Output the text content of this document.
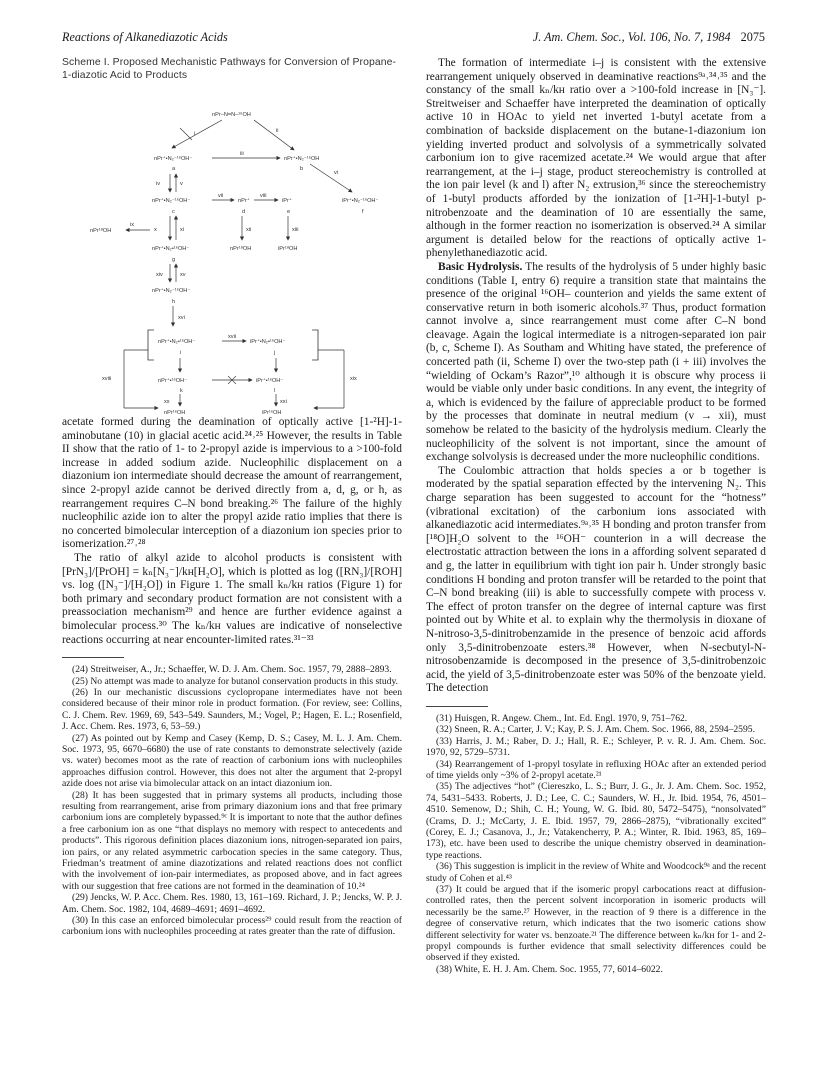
Reactions of Alkanediazotic Acids	J. Am. Chem. Soc., Vol. 106, No. 7, 1984 2075
Scheme I. Proposed Mechanistic Pathways for Conversion of Propane-1-diazotic Acid to Products
nPr–N=N–¹⁶OH
i	ii
nPr⁺•N₂⁻¹⁶OH⁻
iii
nPr⁺•N₂⁻¹⁶OH
a	b
iv	v
vi
nPr⁺•N₂⁻¹⁶OH⁻
vii
nPr⁺
viii
iPr⁺	iPr⁺•N₂⁻¹⁶OH⁻
c	d	e	f
nPr¹⁸OH
ix
x	xi	xii	xiii
nPr⁺•N₂•¹⁶OH⁻	nPr¹⁸OH	iPr¹⁸OH
g
xiv	xv
nPr⁺•N₂⁻¹⁶OH⁻
h
xvi
nPr⁺•N₂•¹⁶OH⁻
xvii
iPr⁺•N₂•¹⁶OH⁻
i	j
xviii	xix
nPr⁺•¹⁶OH⁻	iPr⁺•¹⁶OH⁻
k	l
xx	xxi
nPr¹⁶OH	iPr¹⁶OH

acetate formed during the deamination of optically active [1-²H]-1-aminobutane (10) in glacial acetic acid.²⁴˒²⁵ However, the results in Table II show that the ratio of 1- to 2-propyl azide is impervious to a >100-fold increase in added sodium azide. Nucleophilic displacement on a diazonium ion intermediate should decrease the amount of rearrangement, since 2-propyl azide cannot be derived directly from a, d, g, or h, as rearrangement requires C–N bond breaking.²⁶ The failure of the highly nucleophilic azide ion to alter the propyl azide ratio implies that there is no concerted bimolecular interception of a diazonium ion species prior to isomerization.²⁷˒²⁸

The ratio of alkyl azide to alcohol products is consistent with [PrN₃]/[PrOH] = kₙ[N₃⁻]/kʜ[H₂O], which is plotted as log ([RN₃]/[ROH] vs. log ([N₃⁻]/[H₂O]) in Figure 1. The small kₙ/kʜ ratios (Figure 1) for both primary and secondary product formation are not consistent with a preassociation mechanism²⁹ and hence are further evidence against a bimolecular process.³⁰ The kₙ/kʜ values are indicative of nonselective reactions occurring at near encounter-limited rates.³¹⁻³³

(24) Streitweiser, A., Jr.; Schaeffer, W. D. J. Am. Chem. Soc. 1957, 79, 2888–2893.
(25) No attempt was made to analyze for butanol conservation products in this study.
(26) In our mechanistic discussions cyclopropane intermediates have not been considered because of their minor role in product formation. (For review, see: Collins, C. J. Chem. Rev. 1969, 69, 543–549. Saunders, M.; Vogel, P.; Hagen, E. L.; Rosenfield, J. Acc. Chem. Res. 1973, 6, 53–59.)
(27) As pointed out by Kemp and Casey (Kemp, D. S.; Casey, M. L. J. Am. Chem. Soc. 1973, 95, 6670–6680) the use of rate constants to demonstrate selectively (azide vs. water) becomes moot as the rate of reaction of carbonium ions with nucleophiles approaches diffusion control. However, this does not alter the argument that 2-propyl azide does not arise via bimolecular attack on an intact diazonium ion.
(28) It has been suggested that in primary systems all products, including those resulting from rearrangement, arise from primary diazonium ions and that free primary carbonium ions are completely bypassed.⁹ᶜ It is important to note that the author defines a free carbonium ion as one “that displays no memory with respect to antecedents and products”. This rigorous definition places diazonium ions, nitrogen-separated ion pairs, ion pairs, or any related asymmetric carbocation species in the same category. Thus, Friedman’s treatment of amine diazotizations and related reactions does not conflict with the involvement of ion-pair intermediates, as proposed above, and in fact agrees with our suggestion that free cations are not formed in the deamination of 10.²⁴
(29) Jencks, W. P. Acc. Chem. Res. 1980, 13, 161–169. Richard, J. P.; Jencks, W. P. J. Am. Chem. Soc. 1982, 104, 4689–4691; 4691–4692.
(30) In this case an enforced bimolecular process²⁹ could result from the reaction of carbonium ions with nucleophiles proceeding at rates greater than the rate of diffusion.

The formation of intermediate i–j is consistent with the extensive rearrangement uniquely observed in deaminative reactions⁹ᵃ˒³⁴˒³⁵ and the constancy of the small kₙ/kʜ ratio over a >100-fold increase in [N₃⁻]. Streitweiser and Schaeffer have interpreted the deamination of optically active 10 in HOAc to yield net inverted 1-butyl acetate from a combination of backside displacement on the butane-1-diazonium ion yielding inverted product and solvolysis of a symmetrically solvated carbonium ion to give racemized acetate.²⁴ We would argue that after rearrangement, at the i–j stage, product stereochemistry is controlled at the ion pair level (k and l) after N₂ extrusion,³⁶ since the stereochemistry of 1-butyl products afforded by the ionization of [1-²H]-1-butyl p-nitrobenzoate and the deamination of 10 are essentially the same, although in the former reaction no isomerization is observed.²⁴ A similar argument is detailed below for the reactions of optically active 1-phenylethanediazotic acid.

Basic Hydrolysis. The results of the hydrolysis of 5 under highly basic conditions (Table I, entry 6) require a transition state that maintains the presence of the original ¹⁶OH– counterion and yields the same extent of conservative return in both isomeric alcohols.³⁷ Thus, product formation cannot involve a, since rearrangement must come after C–N bond cleavage. Again the logical intermediate is a nitrogen-separated ion pair (b, c, Scheme I). As Southam and Whiting have stated, the preference of concerted path (ii, Scheme I) over the two-step path (i + iii) involves the “wielding of Ockam’s Razor”,¹⁰ although it is obscure why process ii would be viable only under basic conditions. In any event, the integrity of a, which is evidenced by the failure of appreciable product to be formed by the processes that dominate in neutral medium (v → xii), must somehow be related to the basicity of the hydrolysis medium. Clearly the nucleophilicity of the solvent is not important, since the amount of exchange solvolysis is decreased under the more nucleophilic conditions.

The Coulombic attraction that holds species a or b together is moderated by the spatial separation effected by the intervening N₂. This charge separation has been suggested to account for the “hotness” (vibrational excitation) of the carbonium ions associated with alkanediazotic acid intermediates.⁹ᵃ˒³⁵ H bonding and proton transfer from [¹⁸O]H₂O solvent to the ¹⁶OH⁻ counterion in a will decrease the electrostatic attraction between the ions in a affording solvent separated d and g, the latter in equilibrium with tight ion pair h. Under strongly basic conditions H bonding and proton transfer will be retarded to the point that C–N bond breaking (iii) is able to successfully compete with process v. The effect of proton transfer on the degree of internal capture was first pointed out by White et al. to explain why the thermolysis in dioxane of N-nitroso-3,5-dinitrobenzamide in the presence of benzoic acid affords only 3,5-dinitrobenzoate esters.³⁸ However, when N-secbutyl-N-nitrosobenzamide is decomposed in the presence of 3,5-dinitrobenzoic acid, the yield of 3,5-dinitrobenzoate ester was 50% of the benzoate yield. The detection

(31) Huisgen, R. Angew. Chem., Int. Ed. Engl. 1970, 9, 751–762.
(32) Sneen, R. A.; Carter, J. V.; Kay, P. S. J. Am. Chem. Soc. 1966, 88, 2594–2595.
(33) Harris, J. M.; Raber, D. J.; Hall, R. E.; Schleyer, P. v. R. J. Am. Chem. Soc. 1970, 92, 5729–5731.
(34) Rearrangement of 1-propyl tosylate in refluxing HOAc after an extended period of time yields only ~3% of 2-propyl acetate.²¹
(35) The adjectives “hot” (Ciereszko, L. S.; Burr, J. G., Jr. J. Am. Chem. Soc. 1952, 74, 5431–5433. Roberts, J. D.; Lee, C. C.; Saunders, W. H., Jr. Ibid. 1954, 76, 4501–4510. Semenow, D.; Shih, C. H.; Young, W. G. Ibid. 80, 5472–5475), “nonsolvated” (Crams, D. J.; McCarty, J. E. Ibid. 1957, 79, 2866–2875), “vibrationally excited” (Corey, E. J.; Casanova, J., Jr.; Vatakencherry, P. A.; Winter, R. Ibid. 1963, 85, 169–173), etc. have been used to describe the unique chemistry observed in deamination-type reactions.
(36) This suggestion is implicit in the review of White and Woodcock⁹ᵃ and the recent study of Cohen et al.⁴³
(37) It could be argued that if the isomeric propyl carbocations react at diffusion-controlled rates, then the percent solvent incorporation in isomeric products will necessarily be the same.²⁷ However, in the reaction of 9 there is a difference in the degree of conservative return, which indicates that the two isomeric cations show different selectivity for water vs. benzoate.²¹ The difference between kₙ/kʜ for 1- and 2-propyl compounds is further evidence that small selectivity differences could be observed if they existed.
(38) White, E. H. J. Am. Chem. Soc. 1955, 77, 6014–6022.
